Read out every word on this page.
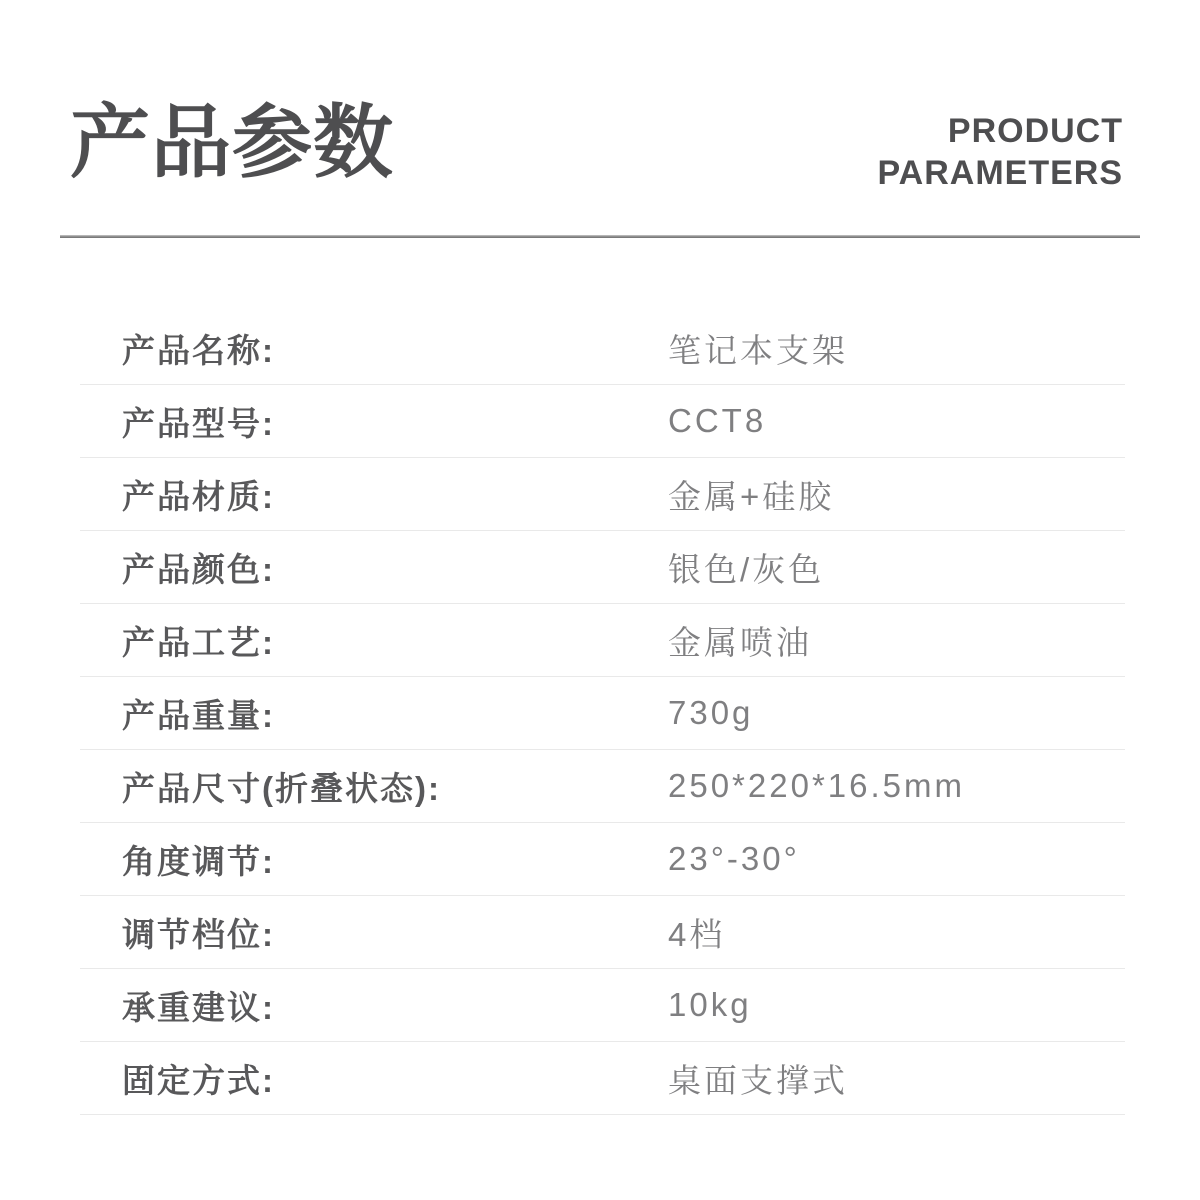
产品参数	PRODUCT
PARAMETERS
产品名称:	笔记本支架
产品型号:	CCT8
产品材质:	金属+硅胶
产品颜色:	银色/灰色
产品工艺:	金属喷油
产品重量:	730g
产品尺寸(折叠状态):	250*220*16.5mm
角度调节:	23°-30°
调节档位:	4档
承重建议:	10kg
固定方式:	桌面支撑式
